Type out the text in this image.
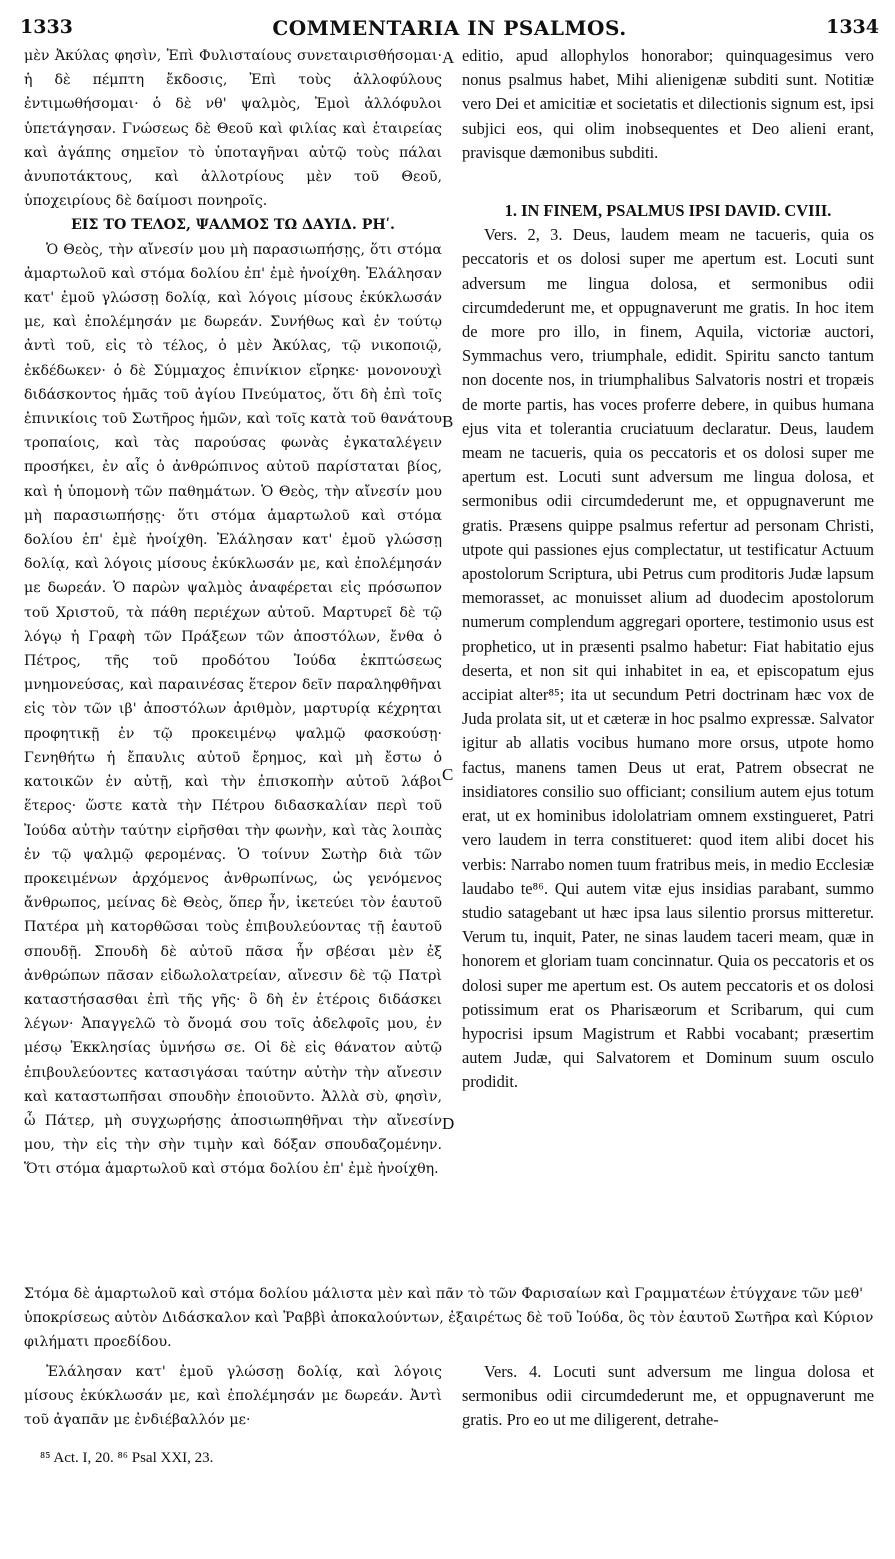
1333	COMMENTARIA IN PSALMOS.	1334

μὲν Ἀκύλας φησὶν, Ἐπὶ Φυλισταίους συνεταιρισθήσομαι· ἡ δὲ πέμπτη ἔκδοσις, Ἐπὶ τοὺς ἀλλοφύλους ἐντιμωθήσομαι· ὁ δὲ νθ' ψαλμὸς, Ἐμοὶ ἀλλόφυλοι ὑπετάγησαν. Γνώσεως δὲ Θεοῦ καὶ φιλίας καὶ ἑταιρείας καὶ ἀγάπης σημεῖον τὸ ὑποταγῆναι αὐτῷ τοὺς πάλαι ἀνυποτάκτους, καὶ ἀλλοτρίους μὲν τοῦ Θεοῦ, ὑποχειρίους δὲ δαίμοσι πονηροῖς.

ΕΙΣ ΤΟ ΤΕΛΟΣ, ΨΑΛΜΟΣ ΤΩ ΔΑΥΙΔ. ΡΗʹ.

Ὁ Θεὸς, τὴν αἴνεσίν μου μὴ παρασιωπήσῃς, ὅτι στόμα ἁμαρτωλοῦ καὶ στόμα δολίου ἐπ' ἐμὲ ἠνοίχθη. Ἐλάλησαν κατ' ἐμοῦ γλώσσῃ δολίᾳ, καὶ λόγοις μίσους ἐκύκλωσάν με, καὶ ἐπολέμησάν με δωρεάν. Συνήθως καὶ ἐν τούτῳ ἀντὶ τοῦ, εἰς τὸ τέλος, ὁ μὲν Ἀκύλας, τῷ νικοποιῷ, ἐκδέδωκεν· ὁ δὲ Σύμμαχος ἐπινίκιον εἴρηκε· μονονουχὶ διδάσκοντος ἡμᾶς τοῦ ἁγίου Πνεύματος, ὅτι δὴ ἐπὶ τοῖς ἐπινικίοις τοῦ Σωτῆρος ἡμῶν, καὶ τοῖς κατὰ τοῦ θανάτου τροπαίοις, καὶ τὰς παρούσας φωνὰς ἐγκαταλέγειν προσήκει, ἐν αἷς ὁ ἀνθρώπινος αὐτοῦ παρίσταται βίος, καὶ ἡ ὑπομονὴ τῶν παθημάτων. Ὁ Θεὸς, τὴν αἴνεσίν μου μὴ παρασιωπήσῃς· ὅτι στόμα ἁμαρτωλοῦ καὶ στόμα δολίου ἐπ' ἐμὲ ἠνοίχθη. Ἐλάλησαν κατ' ἐμοῦ γλώσσῃ δολίᾳ, καὶ λόγοις μίσους ἐκύκλωσάν με, καὶ ἐπολέμησάν με δωρεάν. Ὁ παρὼν ψαλμὸς ἀναφέρεται εἰς πρόσωπον τοῦ Χριστοῦ, τὰ πάθη περιέχων αὐτοῦ. Μαρτυρεῖ δὲ τῷ λόγῳ ἡ Γραφὴ τῶν Πράξεων τῶν ἀποστόλων, ἔνθα ὁ Πέτρος, τῆς τοῦ προδότου Ἰούδα ἐκπτώσεως μνημονεύσας, καὶ παραινέσας ἕτερον δεῖν παραληφθῆναι εἰς τὸν τῶν ιβ' ἀποστόλων ἀριθμὸν, μαρτυρίᾳ κέχρηται προφητικῇ ἐν τῷ προκειμένῳ ψαλμῷ φασκούσῃ· Γενηθήτω ἡ ἔπαυλις αὐτοῦ ἔρημος, καὶ μὴ ἔστω ὁ κατοικῶν ἐν αὐτῇ, καὶ τὴν ἐπισκοπὴν αὐτοῦ λάβοι ἕτερος· ὥστε κατὰ τὴν Πέτρου διδασκαλίαν περὶ τοῦ Ἰούδα αὐτὴν ταύτην εἰρῆσθαι τὴν φωνὴν, καὶ τὰς λοιπὰς ἐν τῷ ψαλμῷ φερομένας. Ὁ τοίνυν Σωτὴρ διὰ τῶν προκειμένων ἀρχόμενος ἀνθρωπίνως, ὡς γενόμενος ἄνθρωπος, μείνας δὲ Θεὸς, ὅπερ ἦν, ἱκετεύει τὸν ἑαυτοῦ Πατέρα μὴ κατορθῶσαι τοὺς ἐπιβουλεύοντας τῇ ἑαυτοῦ σπουδῇ. Σπουδὴ δὲ αὐτοῦ πᾶσα ἦν σβέσαι μὲν ἐξ ἀνθρώπων πᾶσαν εἰδωλολατρείαν, αἴνεσιν δὲ τῷ Πατρὶ καταστήσασθαι ἐπὶ τῆς γῆς· ὃ δὴ ἐν ἑτέροις διδάσκει λέγων· Ἀπαγγελῶ τὸ ὄνομά σου τοῖς ἀδελφοῖς μου, ἐν μέσῳ Ἐκκλησίας ὑμνήσω σε. Οἱ δὲ εἰς θάνατον αὐτῷ ἐπιβουλεύοντες κατασιγάσαι ταύτην αὐτὴν τὴν αἴνεσιν καὶ καταστωπῆσαι σπουδὴν ἐποιοῦντο. Ἀλλὰ σὺ, φησὶν, ὦ Πάτερ, μὴ συγχωρήσῃς ἀποσιωπηθῆναι τὴν αἴνεσίν μου, τὴν εἰς τὴν σὴν τιμὴν καὶ δόξαν σπουδαζομένην. Ὅτι στόμα ἁμαρτωλοῦ καὶ στόμα δολίου ἐπ' ἐμὲ ἠνοίχθη.

editio, apud allophylos honorabor; quinquagesimus vero nonus psalmus habet, Mihi alienigenæ subditi sunt. Notitiæ vero Dei et amicitiæ et societatis et dilectionis signum est, ipsi subjici eos, qui olim inobsequentes et Deo alieni erant, pravisque dæmonibus subditi.

1. IN FINEM, PSALMUS IPSI DAVID. CVIII.

Vers. 2, 3. Deus, laudem meam ne tacueris, quia os peccatoris et os dolosi super me apertum est. Locuti sunt adversum me lingua dolosa, et sermonibus odii circumdederunt me, et oppugnaverunt me gratis. In hoc item de more pro illo, in finem, Aquila, victoriæ auctori, Symmachus vero, triumphale, edidit. Spiritu sancto tantum non docente nos, in triumphalibus Salvatoris nostri et tropæis de morte partis, has voces proferre debere, in quibus humana ejus vita et tolerantia cruciatuum declaratur. Deus, laudem meam ne tacueris, quia os peccatoris et os dolosi super me apertum est. Locuti sunt adversum me lingua dolosa, et sermonibus odii circumdederunt me, et oppugnaverunt me gratis. Præsens quippe psalmus refertur ad personam Christi, utpote qui passiones ejus complectatur, ut testificatur Actuum apostolorum Scriptura, ubi Petrus cum proditoris Judæ lapsum memorasset, ac monuisset alium ad duodecim apostolorum numerum complendum aggregari oportere, testimonio usus est prophetico, ut in præsenti psalmo habetur: Fiat habitatio ejus deserta, et non sit qui inhabitet in ea, et episcopatum ejus accipiat alter⁸⁵; ita ut secundum Petri doctrinam hæc vox de Juda prolata sit, ut et cæteræ in hoc psalmo expressæ. Salvator igitur ab allatis vocibus humano more orsus, utpote homo factus, manens tamen Deus ut erat, Patrem obsecrat ne insidiatores consilio suo officiant; consilium autem ejus totum erat, ut ex hominibus idololatriam omnem exstingueret, Patri vero laudem in terra constitueret: quod item alibi docet his verbis: Narrabo nomen tuum fratribus meis, in medio Ecclesiæ laudabo te⁸⁶. Qui autem vitæ ejus insidias parabant, summo studio satagebant ut hæc ipsa laus silentio prorsus mitteretur. Verum tu, inquit, Pater, ne sinas laudem taceri meam, quæ in honorem et gloriam tuam concinnatur. Quia os peccatoris et os dolosi super me apertum est. Os autem peccatoris et os dolosi potissimum erat os Pharisæorum et Scribarum, qui cum hypocrisi ipsum Magistrum et Rabbi vocabant; præsertim autem Judæ, qui Salvatorem et Dominum suum osculo prodidit.

A
B
C
D
Στόμα δὲ ἁμαρτωλοῦ καὶ στόμα δολίου μάλιστα μὲν καὶ πᾶν τὸ τῶν Φαρισαίων καὶ Γραμματέων ἐτύγχανε τῶν μεθ' ὑποκρίσεως αὐτὸν Διδάσκαλον καὶ Ῥαββὶ ἀποκαλούντων, ἐξαιρέτως δὲ τοῦ Ἰούδα, ὃς τὸν ἑαυτοῦ Σωτῆρα καὶ Κύριον φιλήματι προεδίδου.

Ἐλάλησαν κατ' ἐμοῦ γλώσσῃ δολίᾳ, καὶ λόγοις μίσους ἐκύκλωσάν με, καὶ ἐπολέμησάν με δωρεάν. Ἀντὶ τοῦ ἀγαπᾶν με ἐνδιέβαλλόν με·

Vers. 4. Locuti sunt adversum me lingua dolosa et sermonibus odii circumdederunt me, et oppugnaverunt me gratis. Pro eo ut me diligerent, detrahe-

⁸⁵ Act. I, 20. ⁸⁶ Psal XXI, 23.
